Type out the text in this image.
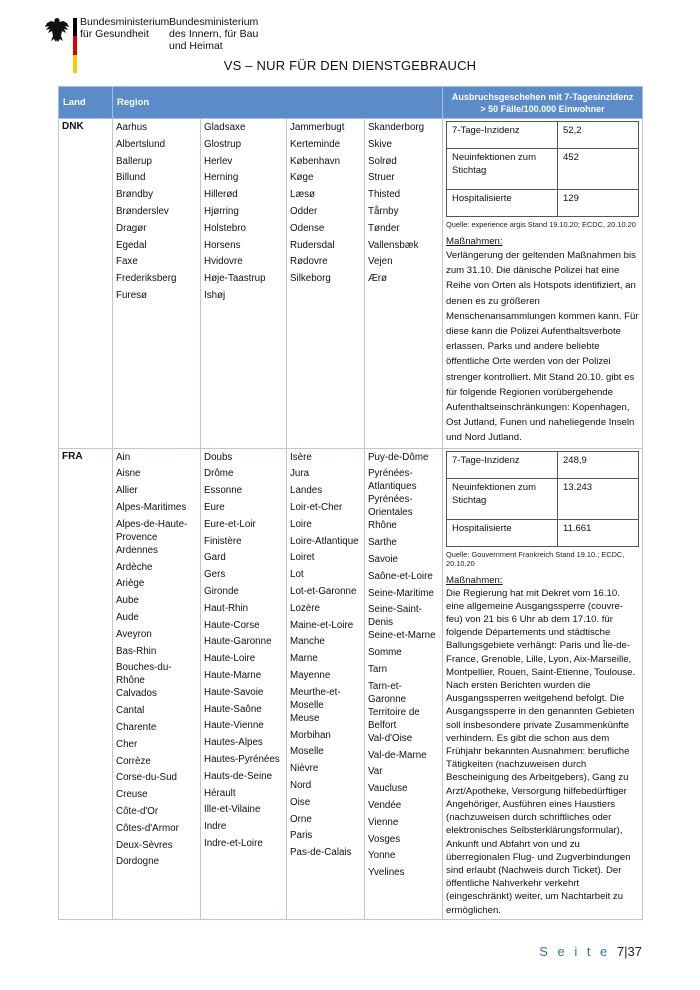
Bundesministerium
für Gesundheit
Bundesministerium
des Innern, für Bau
und Heimat
VS – NUR FÜR DEN DIENSTGEBRAUCH
Land	Region	
Ausbruchsgeschehen mit 7-Tagesinzidenz
> 50 Fälle/100.000 Einwohner

DNK	Aarhus
Albertslund
Ballerup
Billund
Brøndby
Brønderslev
Dragør
Egedal
Faxe
Frederiksberg
Furesø

Gladsaxe
Glostrup
Herlev
Herning
Hillerød
Hjørring
Holstebro
Horsens
Hvidovre
Høje-Taastrup
Ishøj

Jammerbugt
Kerteminde
København
Køge
Læsø
Odder
Odense
Rudersdal
Rødovre
Silkeborg

Skanderborg
Skive
Solrød
Struer
Thisted
Tårnby
Tønder
Vallensbæk
Vejen
Ærø

7-Tage-Inzidenz	52,2
Neuinfektionen zum Stichtag	452
Hospitalisierte	129
Quelle: experience argis Stand 19.10.20; ECDC, 20.10.20
Maßnahmen:
Verlängerung der geltenden Maßnahmen bis zum 31.10. Die dänische Polizei hat eine Reihe von Orten als Hotspots identifiziert, an denen es zu größeren Menschenansammlungen kommen kann. Für diese kann die Polizei Aufenthaltsverbote erlassen. Parks und andere beliebte öffentliche Orte werden von der Polizei strenger kontrolliert. Mit Stand 20.10. gibt es für folgende Regionen vorübergehende Aufenthaltseinschränkungen: Kopenhagen, Ost Jutland, Funen und naheliegende Inseln und Nord Jutland.

FRA	Ain
Aisne
Allier
Alpes-Maritimes
Alpes-de-Haute-Provence
Ardennes
Ardèche
Ariège
Aube
Aude
Aveyron
Bas-Rhin
Bouches-du-Rhône
Calvados
Cantal
Charente
Cher
Corrèze
Corse-du-Sud
Creuse
Côte-d'Or
Côtes-d'Armor
Deux-Sèvres
Dordogne

Doubs
Drôme
Essonne
Eure
Eure-et-Loir
Finistère
Gard
Gers
Gironde
Haut-Rhin
Haute-Corse
Haute-Garonne
Haute-Loire
Haute-Marne
Haute-Savoie
Haute-Saône
Haute-Vienne
Hautes-Alpes
Hautes-Pyrénées
Hauts-de-Seine
Hérault
Ille-et-Vilaine
Indre
Indre-et-Loire

Isère
Jura
Landes
Loir-et-Cher
Loire
Loire-Atlantique
Loiret
Lot
Lot-et-Garonne
Lozère
Maine-et-Loire
Manche
Marne
Mayenne
Meurthe-et-Moselle
Meuse
Morbihan
Moselle
Nièvre
Nord
Oise
Orne
Paris
Pas-de-Calais

Puy-de-Dôme
Pyrénées-Atlantiques
Pyrénées-Orientales
Rhône
Sarthe
Savoie
Saône-et-Loire
Seine-Maritime
Seine-Saint-Denis
Seine-et-Marne
Somme
Tarn
Tarn-et-Garonne
Territoire de Belfort
Val-d'Oise
Val-de-Marne
Var
Vaucluse
Vendée
Vienne
Vosges
Yonne
Yvelines

7-Tage-Inzidenz	248,9
Neuinfektionen zum Stichtag	13.243
Hospitalisierte	11.661
Quelle: Gouvernment Frankreich Stand 19.10.; ECDC, 20.10.20
Maßnahmen:
Die Regierung hat mit Dekret vom 16.10. eine allgemeine Ausgangssperre (couvre-feu) von 21 bis 6 Uhr ab dem 17.10. für folgende Départements und städtische Ballungsgebiete verhängt: Paris und Île-de-France, Grenoble, Lille, Lyon, Aix-Marseille, Montpellier, Rouen, Saint-Etienne, Toulouse. Nach ersten Berichten wurden die Ausgangssperren weitgehend befolgt. Die Ausgangssperre in den genannten Gebieten soll insbesondere private Zusammenkünfte verhindern. Es gibt die schon aus dem Frühjahr bekannten Ausnahmen: berufliche Tätigkeiten (nachzuweisen durch Bescheinigung des Arbeitgebers), Gang zu Arzt/Apotheke, Versorgung hilfebedürftiger Angehöriger, Ausführen eines Haustiers (nachzuweisen durch schriftliches oder elektronisches Selbsterklärungsformular), Ankunft und Abfahrt von und zu überregionalen Flug- und Zugverbindungen sind erlaubt (Nachweis durch Ticket). Der öffentliche Nahverkehr verkehrt (eingeschränkt) weiter, um Nachtarbeit zu ermöglichen.
S e i t e 7|37
